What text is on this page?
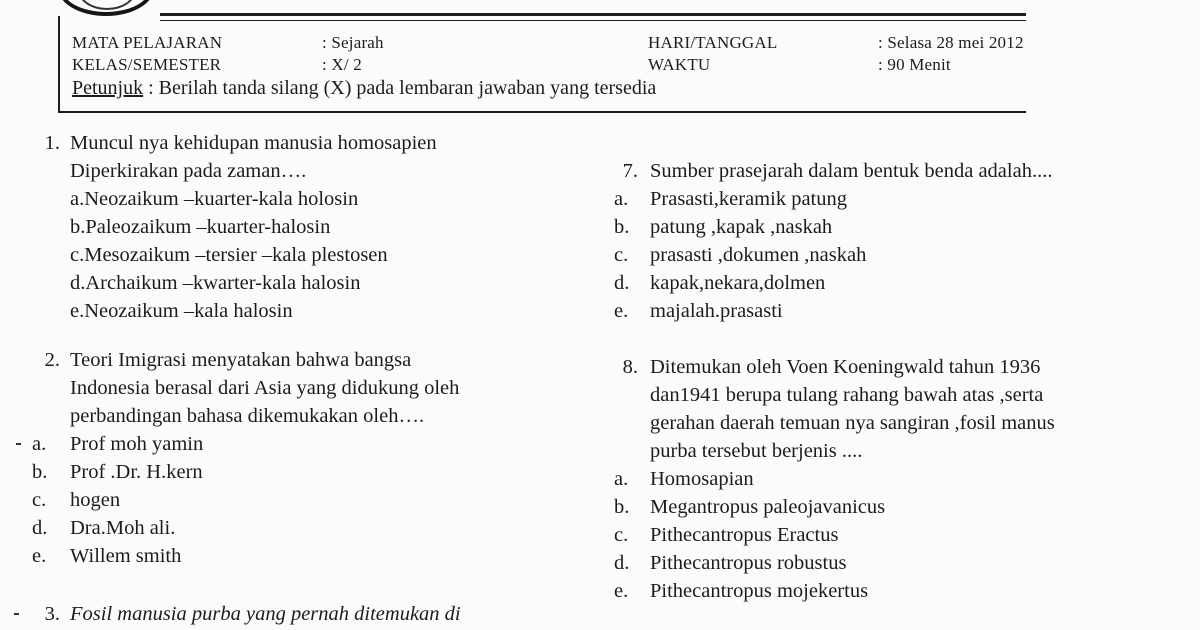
MATA PELAJARAN	: Sejarah
KELAS/SEMESTER	: X/ 2
HARI/TANGGAL	: Selasa 28 mei 2012
WAKTU	: 90 Menit
Petunjuk : Berilah tanda silang (X) pada lembaran jawaban yang tersedia
1. Muncul nya kehidupan manusia homosapien
Diperkirakan pada zaman….
a.Neozaikum –kuarter-kala holosin
b.Paleozaikum –kuarter-halosin
c.Mesozaikum –tersier –kala plestosen
d.Archaikum –kwarter-kala halosin
e.Neozaikum –kala halosin
2. Teori Imigrasi menyatakan bahwa bangsa
Indonesia berasal dari Asia yang didukung oleh
perbandingan bahasa dikemukakan oleh….
a.	Prof moh yamin
b.	Prof .Dr. H.kern
c.	hogen
d.	Dra.Moh ali.
e.	Willem smith
3. Fosil manusia purba yang pernah ditemukan di
7. Sumber prasejarah dalam bentuk benda adalah....
a.	Prasasti,keramik patung
b.	patung ,kapak ,naskah
c.	prasasti ,dokumen ,naskah
d.	kapak,nekara,dolmen
e.	majalah.prasasti
8. Ditemukan oleh Voen Koeningwald tahun 1936
dan1941 berupa tulang rahang bawah atas ,serta
gerahan daerah temuan nya sangiran ,fosil manus
purba tersebut berjenis ....
a.	Homosapian
b.	Megantropus paleojavanicus
c.	Pithecantropus Eractus
d.	Pithecantropus robustus
e.	Pithecantropus mojekertus
